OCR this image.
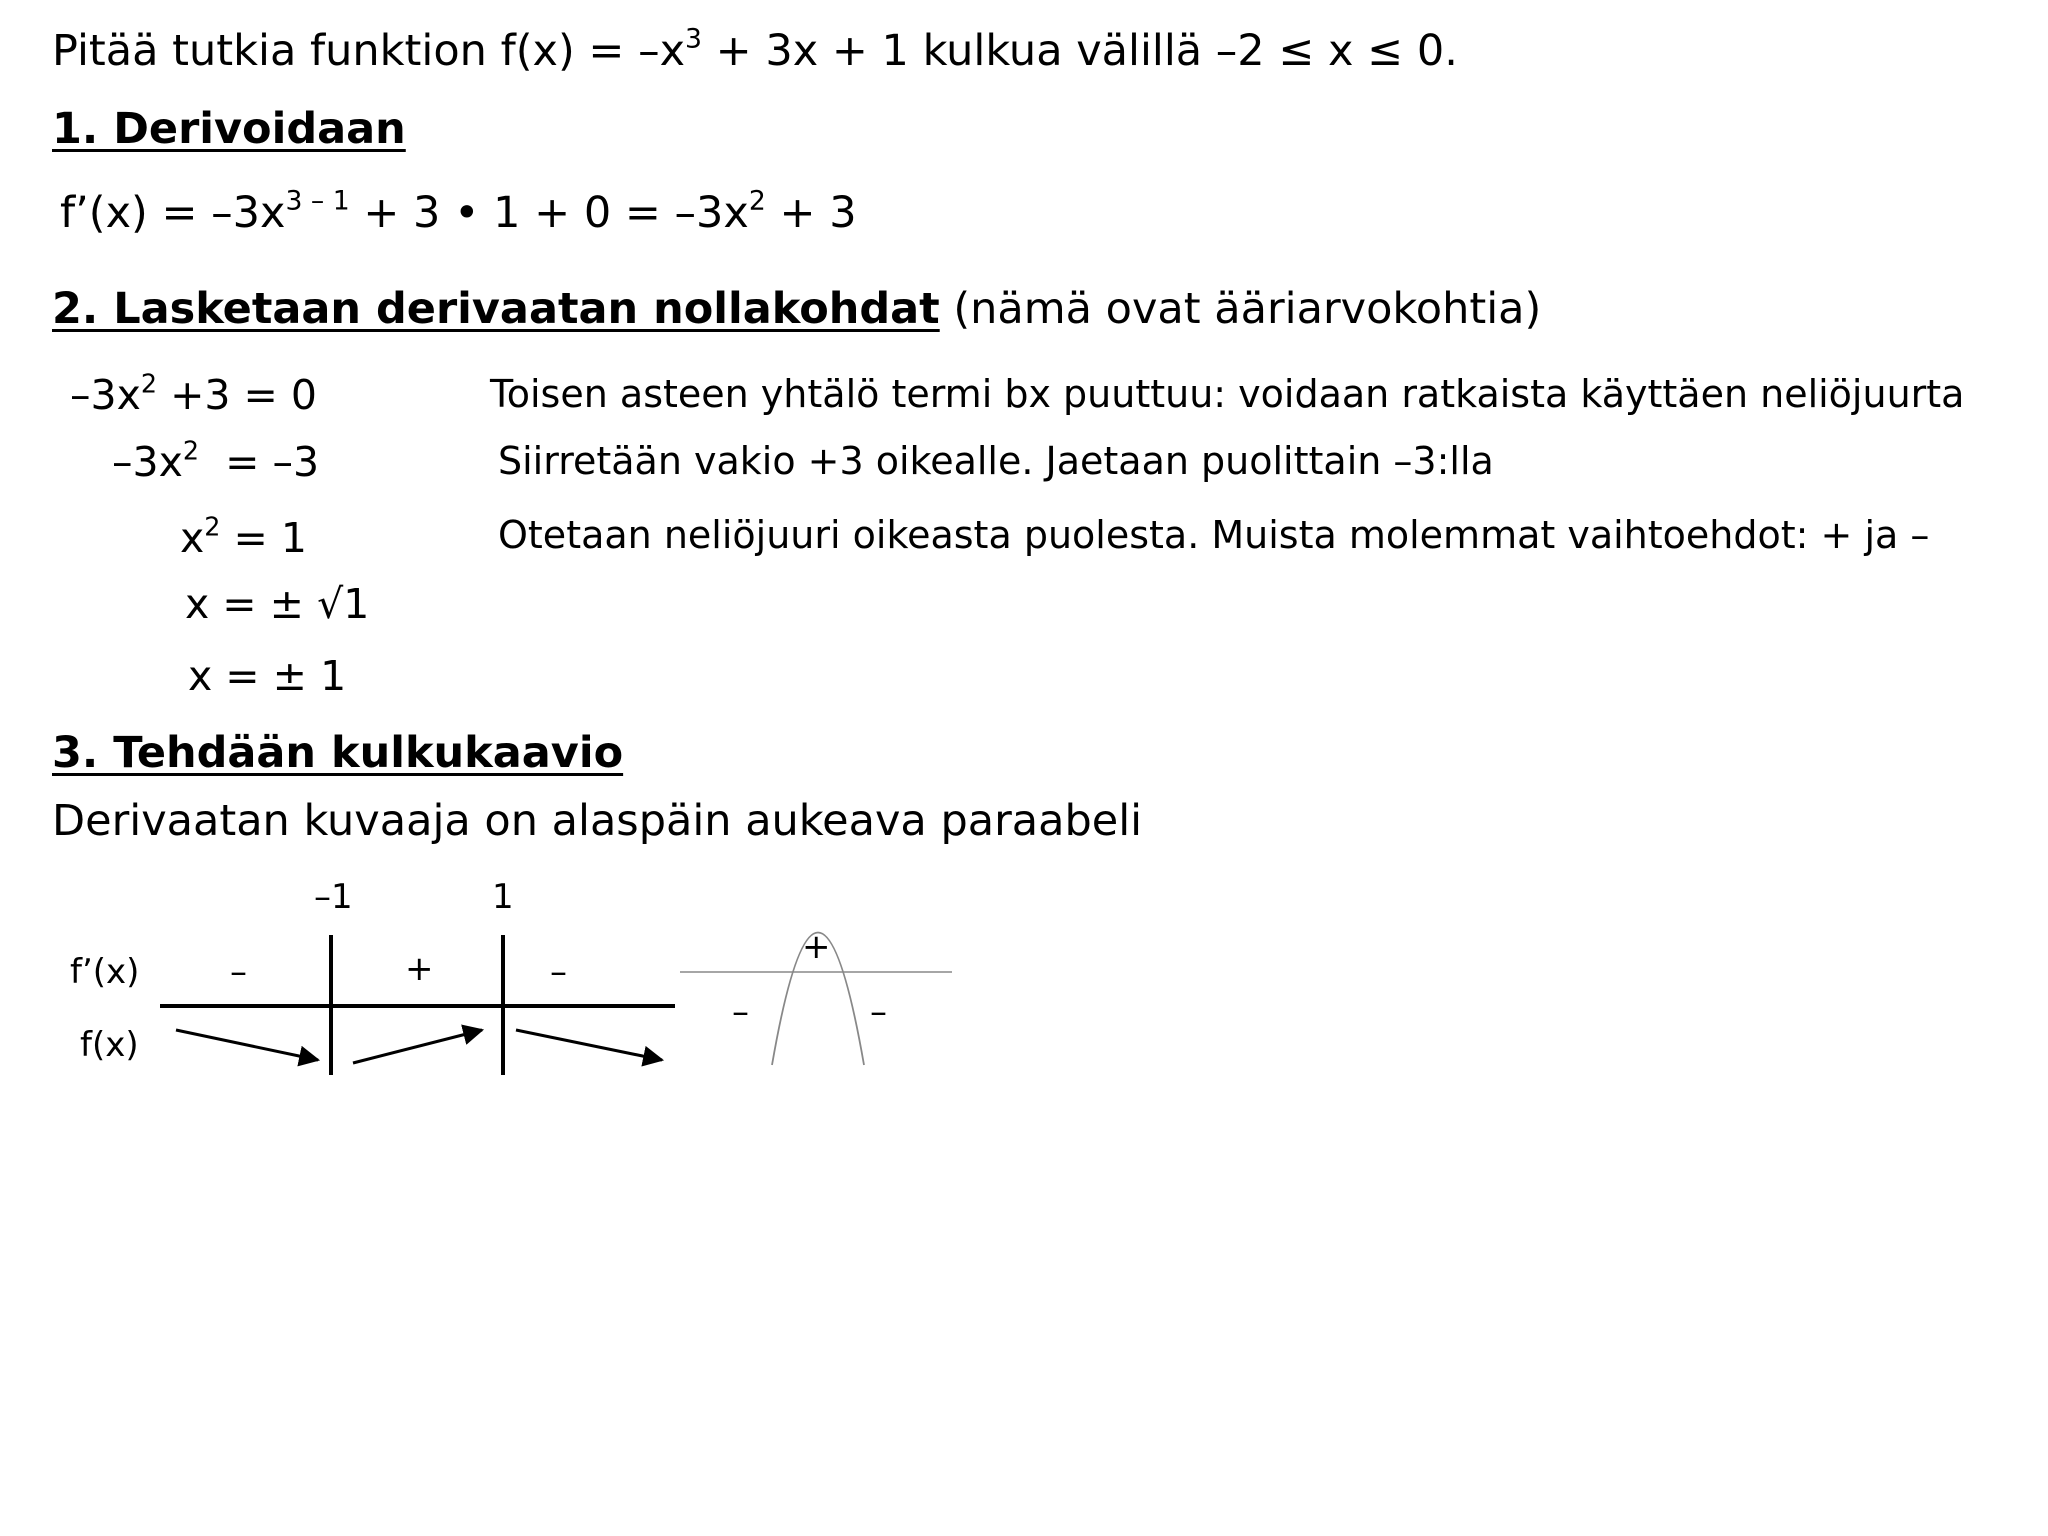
Pitää tutkia funktion $f(x) = -x^3 + 3x + 1$ kulkua välillä –2 ≤ x ≤ 0.
1. Derivoidaan
f’(x) = $-3x^{3 - 1} + 3$ • $1 + 0 = -3x^2 + 3$
2. Lasketaan derivaatan nollakohdat (nämä ovat ääriarvokohtia)
$-3x^2 +3 = 0$	Toisen asteen yhtälö termi bx puuttuu: voidaan ratkaista käyttäen neliöjuurta
$-3x^2 = -3$	Siirretään vakio +3 oikealle. Jaetaan puolittain –3:lla
$x^2 = 1$	Otetaan neliöjuuri oikeasta puolesta. Muista molemmat vaihtoehdot: + ja –
x = ± √1
x = ± 1
3. Tehdään kulkukaavio
Derivaatan kuvaaja on alaspäin aukeava paraabeli
–1	1
f’(x)
f(x)
–	+	–
+
–	–
